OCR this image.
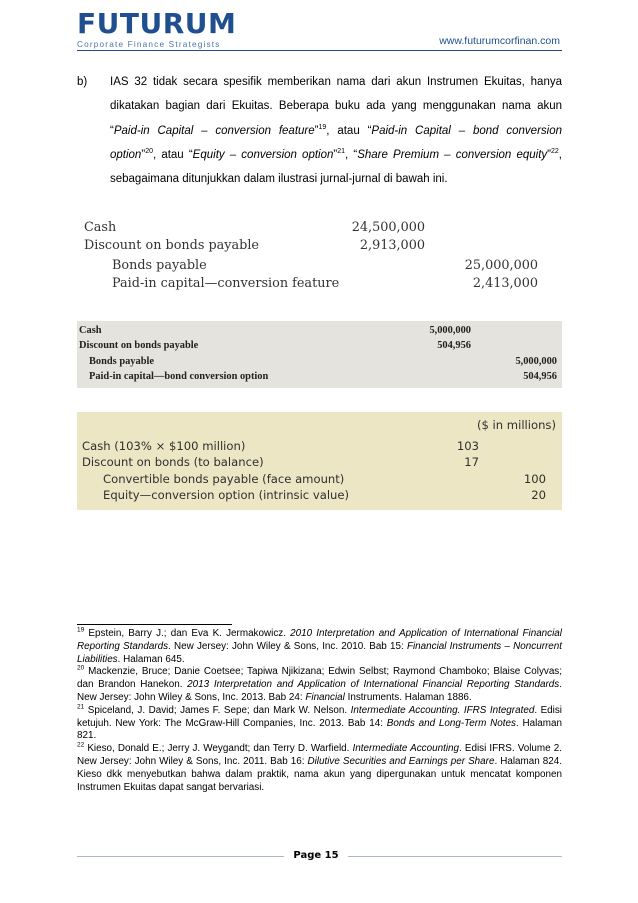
FUTURUM
Corporate Finance Strategists	www.futurumcorfinan.com
b) IAS 32 tidak secara spesifik memberikan nama dari akun Instrumen Ekuitas, hanya dikatakan bagian dari Ekuitas. Beberapa buku ada yang menggunakan nama akun “Paid-in Capital – conversion feature”$^{19}$, atau “Paid-in Capital – bond conversion option”$^{20}$, atau “Equity – conversion option”$^{21}$, “Share Premium – conversion equity”$^{22}$, sebagaimana ditunjukkan dalam ilustrasi jurnal-jurnal di bawah ini.
Cash	24,500,000
Discount on bonds payable	2,913,000
Bonds payable	25,000,000
Paid-in capital—conversion feature	2,413,000
Cash	5,000,000
Discount on bonds payable	504,956
Bonds payable	5,000,000
Paid-in capital—bond conversion option	504,956
($ in millions)
Cash (103% × $100 million)	103
Discount on bonds (to balance)	17
Convertible bonds payable (face amount)	100
Equity—conversion option (intrinsic value)	20

$^{19}$ Epstein, Barry J.; dan Eva K. Jermakowicz. 2010 Interpretation and Application of International Financial Reporting Standards. New Jersey: John Wiley & Sons, Inc. 2010. Bab 15: Financial Instruments – Noncurrent Liabilities. Halaman 645.

$^{20}$ Mackenzie, Bruce; Danie Coetsee; Tapiwa Njikizana; Edwin Selbst; Raymond Chamboko; Blaise Colyvas; dan Brandon Hanekon. 2013 Interpretation and Application of International Financial Reporting Standards. New Jersey: John Wiley & Sons, Inc. 2013. Bab 24: Financial Instruments. Halaman 1886.

$^{21}$ Spiceland, J. David; James F. Sepe; dan Mark W. Nelson. Intermediate Accounting. IFRS Integrated. Edisi ketujuh. New York: The McGraw-Hill Companies, Inc. 2013. Bab 14: Bonds and Long-Term Notes. Halaman 821.

$^{22}$ Kieso, Donald E.; Jerry J. Weygandt; dan Terry D. Warfield. Intermediate Accounting. Edisi IFRS. Volume 2. New Jersey: John Wiley & Sons, Inc. 2011. Bab 16: Dilutive Securities and Earnings per Share. Halaman 824. Kieso dkk menyebutkan bahwa dalam praktik, nama akun yang dipergunakan untuk mencatat komponen Instrumen Ekuitas dapat sangat bervariasi.

Page 15
